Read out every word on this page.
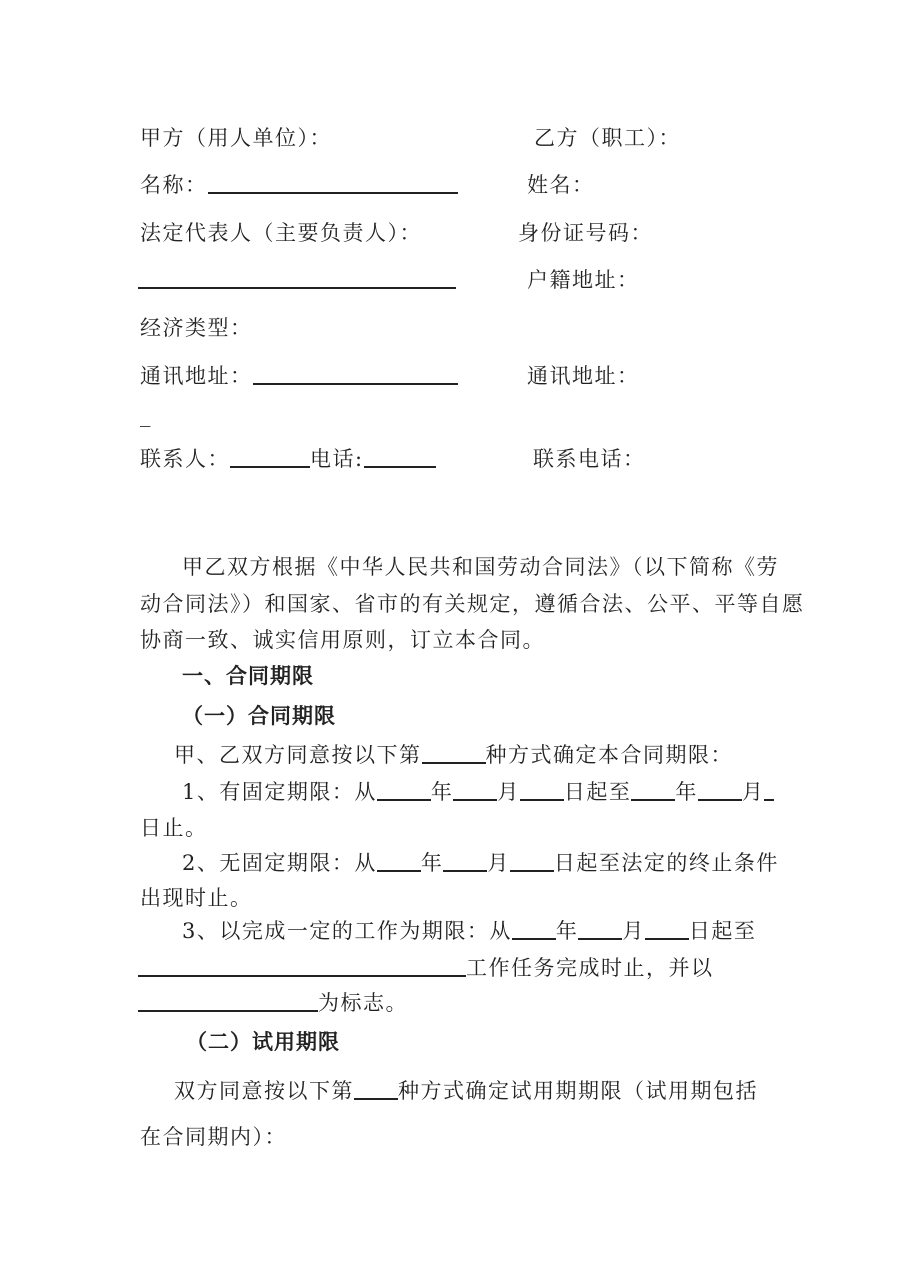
甲方（用人单位）：	乙方（职工）：
名称：	姓名：
法定代表人（主要负责人）：	身份证号码：
户籍地址：
经济类型：
通讯地址：	通讯地址：
_
联系人：	电话:	联系电话：
甲乙双方根据《中华人民共和国劳动合同法》（以下简称《劳
动合同法》）和国家、省市的有关规定，遵循合法、公平、平等自愿
协商一致、诚实信用原则，订立本合同。
一、合同期限
（一）合同期限
甲、乙双方同意按以下第	种方式确定本合同期限：
1、有固定期限：从	年 月 日起至 年 月
日止。
2、无固定期限：从 年 月 日起至法定的终止条件
出现时止。
3、以完成一定的工作为期限：从 年 月 日起至
工作任务完成时止，并以
为标志。
（二）试用期限
双方同意按以下第 种方式确定试用期期限（试用期包括
在合同期内）：
